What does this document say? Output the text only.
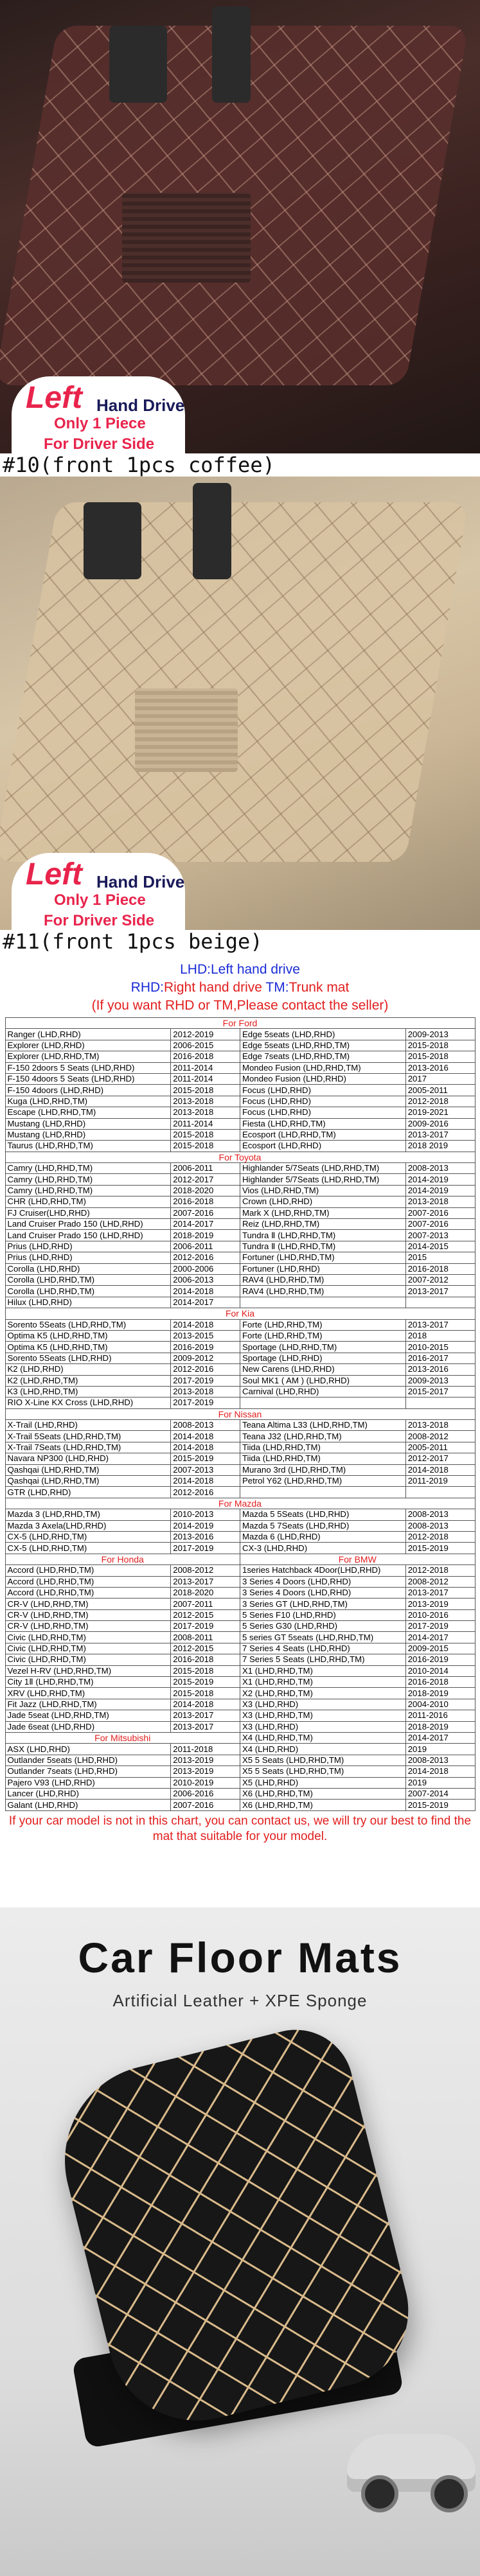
Left Hand Drive
Only 1 Piece
For Driver Side
#10(front 1pcs coffee)
Left Hand Drive
Only 1 Piece
For Driver Side
#11(front 1pcs beige)
LHD:Left hand drive
RHD:Right hand drive TM:Trunk mat
(If you want RHD or TM,Please contact the seller)
For Ford			
Ranger (LHD,RHD)	2012-2019	Edge 5seats (LHD,RHD)	2009-2013
Explorer (LHD,RHD)	2006-2015	Edge 5seats (LHD,RHD,TM)	2015-2018
Explorer (LHD,RHD,TM)	2016-2018	Edge 7seats (LHD,RHD,TM)	2015-2018
F-150 2doors 5 Seats (LHD,RHD)	2011-2014	Mondeo Fusion (LHD,RHD,TM)	2013-2016
F-150 4doors 5 Seats (LHD,RHD)	2011-2014	Mondeo Fusion (LHD,RHD)	2017
F-150 4doors (LHD,RHD)	2015-2018	Focus (LHD,RHD)	2005-2011
Kuga (LHD,RHD,TM)	2013-2018	Focus (LHD,RHD)	2012-2018
Escape (LHD,RHD,TM)	2013-2018	Focus (LHD,RHD)	2019-2021
Mustang (LHD,RHD)	2011-2014	Fiesta (LHD,RHD,TM)	2009-2016
Mustang (LHD,RHD)	2015-2018	Ecosport (LHD,RHD,TM)	2013-2017
Taurus (LHD,RHD,TM)	2015-2018	Ecosport (LHD,RHD)	2018 2019
For Toyota			
Camry (LHD,RHD,TM)	2006-2011	Highlander 5/7Seats (LHD,RHD,TM)	2008-2013
Camry (LHD,RHD,TM)	2012-2017	Highlander 5/7Seats (LHD,RHD,TM)	2014-2019
Camry (LHD,RHD,TM)	2018-2020	Vios (LHD,RHD,TM)	2014-2019
CHR (LHD,RHD,TM)	2016-2018	Crown (LHD,RHD)	2013-2018
FJ Cruiser(LHD,RHD)	2007-2016	Mark X (LHD,RHD,TM)	2007-2016
Land Cruiser Prado 150 (LHD,RHD)	2014-2017	Reiz (LHD,RHD,TM)	2007-2016
Land Cruiser Prado 150 (LHD,RHD)	2018-2019	Tundra Ⅱ (LHD,RHD,TM)	2007-2013
Prius (LHD,RHD)	2006-2011	Tundra Ⅱ (LHD,RHD,TM)	2014-2015
Prius (LHD,RHD)	2012-2016	Fortuner (LHD,RHD,TM)	2015
Corolla (LHD,RHD)	2000-2006	Fortuner (LHD,RHD)	2016-2018
Corolla (LHD,RHD,TM)	2006-2013	RAV4 (LHD,RHD,TM)	2007-2012
Corolla (LHD,RHD,TM)	2014-2018	RAV4 (LHD,RHD,TM)	2013-2017
Hilux (LHD,RHD)	2014-2017		
For Kia			
Sorento 5Seats (LHD,RHD,TM)	2014-2018	Forte (LHD,RHD,TM)	2013-2017
Optima K5 (LHD,RHD,TM)	2013-2015	Forte (LHD,RHD,TM)	2018
Optima K5 (LHD,RHD,TM)	2016-2019	Sportage (LHD,RHD,TM)	2010-2015
Sorento 5Seats (LHD,RHD)	2009-2012	Sportage (LHD,RHD)	2016-2017
K2 (LHD,RHD)	2012-2016	New Carens (LHD,RHD)	2013-2016
K2 (LHD,RHD,TM)	2017-2019	Soul MK1 ( AM ) (LHD,RHD)	2009-2013
K3 (LHD,RHD,TM)	2013-2018	Carnival (LHD,RHD)	2015-2017
RIO X-Line KX Cross (LHD,RHD)	2017-2019		
For Nissan			
X-Trail (LHD,RHD)	2008-2013	Teana Altima L33 (LHD,RHD,TM)	2013-2018
X-Trail 5Seats (LHD,RHD,TM)	2014-2018	Teana J32 (LHD,RHD,TM)	2008-2012
X-Trail 7Seats (LHD,RHD,TM)	2014-2018	Tiida (LHD,RHD,TM)	2005-2011
Navara NP300 (LHD,RHD)	2015-2019	Tiida (LHD,RHD,TM)	2012-2017
Qashqai (LHD,RHD,TM)	2007-2013	Murano 3rd (LHD,RHD,TM)	2014-2018
Qashqai (LHD,RHD,TM)	2014-2018	Petrol Y62 (LHD,RHD,TM)	2011-2019
GTR (LHD,RHD)	2012-2016		
For Mazda			
Mazda 3 (LHD,RHD,TM)	2010-2013	Mazda 5 5Seats (LHD,RHD)	2008-2013
Mazda 3 Axela(LHD,RHD)	2014-2019	Mazda 5 7Seats (LHD,RHD)	2008-2013
CX-5 (LHD,RHD,TM)	2013-2016	Mazda 6 (LHD,RHD)	2012-2018
CX-5 (LHD,RHD,TM)	2017-2019	CX-3 (LHD,RHD)	2015-2019
For Honda		For BMW	
Accord (LHD,RHD,TM)	2008-2012	1series Hatchback 4Door(LHD,RHD)	2012-2018
Accord (LHD,RHD,TM)	2013-2017	3 Series 4 Doors (LHD,RHD)	2008-2012
Accord (LHD,RHD,TM)	2018-2020	3 Series 4 Doors (LHD,RHD)	2013-2017
CR-V (LHD,RHD,TM)	2007-2011	3 Series GT (LHD,RHD,TM)	2013-2019
CR-V (LHD,RHD,TM)	2012-2015	5 Series F10 (LHD,RHD)	2010-2016
CR-V (LHD,RHD,TM)	2017-2019	5 Series G30 (LHD,RHD)	2017-2019
Civic (LHD,RHD,TM)	2008-2011	5 series GT 5seats (LHD,RHD,TM)	2014-2017
Civic (LHD,RHD,TM)	2012-2015	7 Series 4 Seats (LHD,RHD)	2009-2015
Civic (LHD,RHD,TM)	2016-2018	7 Series 5 Seats (LHD,RHD,TM)	2016-2019
Vezel H-RV (LHD,RHD,TM)	2015-2018	X1 (LHD,RHD,TM)	2010-2014
City 1Ⅱ (LHD,RHD,TM)	2015-2019	X1 (LHD,RHD,TM)	2016-2018
XRV (LHD,RHD,TM)	2015-2018	X2 (LHD,RHD,TM)	2018-2019
Fit Jazz (LHD,RHD,TM)	2014-2018	X3 (LHD,RHD)	2004-2010
Jade 5seat (LHD,RHD,TM)	2013-2017	X3 (LHD,RHD,TM)	2011-2016
Jade 6seat (LHD,RHD)	2013-2017	X3 (LHD,RHD)	2018-2019
For Mitsubishi		X4 (LHD,RHD,TM)	2014-2017
ASX (LHD,RHD)	2011-2018	X4 (LHD,RHD)	2019
Outlander 5seats (LHD,RHD)	2013-2019	X5 5 Seats (LHD,RHD,TM)	2008-2013
Outlander 7seats (LHD,RHD)	2013-2019	X5 5 Seats (LHD,RHD,TM)	2014-2018
Pajero V93 (LHD,RHD)	2010-2019	X5 (LHD,RHD)	2019
Lancer (LHD,RHD)	2006-2016	X6 (LHD,RHD,TM)	2007-2014
Galant (LHD,RHD)	2007-2016	X6 (LHD,RHD,TM)	2015-2019
If your car model is not in this chart, you can contact us, we will try our best to find the mat that suitable for your model.
Car Floor Mats
Artificial Leather + XPE Sponge
